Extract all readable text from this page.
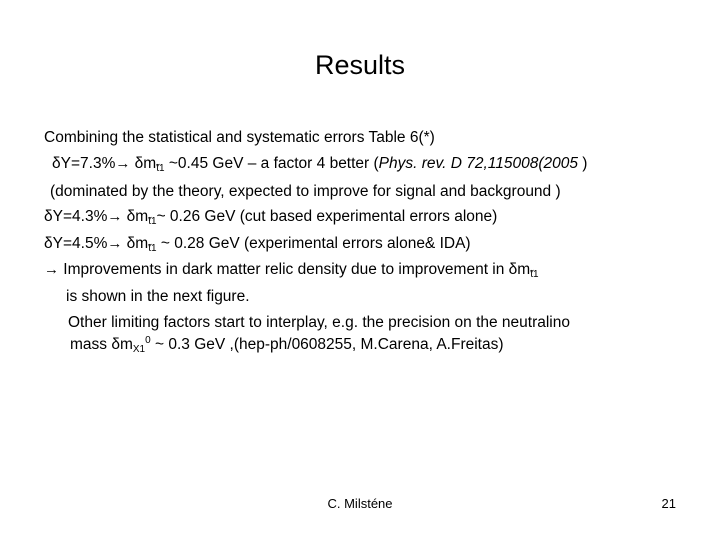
Results
Combining the statistical and systematic errors Table 6(*)
$\delta Y=7.3\%\to \delta m_{̃t1}$ ~0.45 GeV – a factor 4 better (Phys. rev. D 72,115008(2005 )
(dominated by the theory, expected to improve for signal and background )
$\delta Y=4.3\%\to \delta m_{̃t1}\sim$ 0.26 GeV (cut based experimental errors alone)
$\delta Y=4.5\%\to \delta m_{̃t1}$ ~ 0.28 GeV (experimental errors alone& IDA)
→ Improvements in dark matter relic density due to improvement in $\delta m_{̃t1}$
is shown in the next figure.
Other limiting factors start to interplay, e.g. the precision on the neutralino
mass $\delta m_{X1}^0$ ~ 0.3 GeV ,(hep-ph/0608255, M.Carena, A.Freitas)
C. Milsténe	21
